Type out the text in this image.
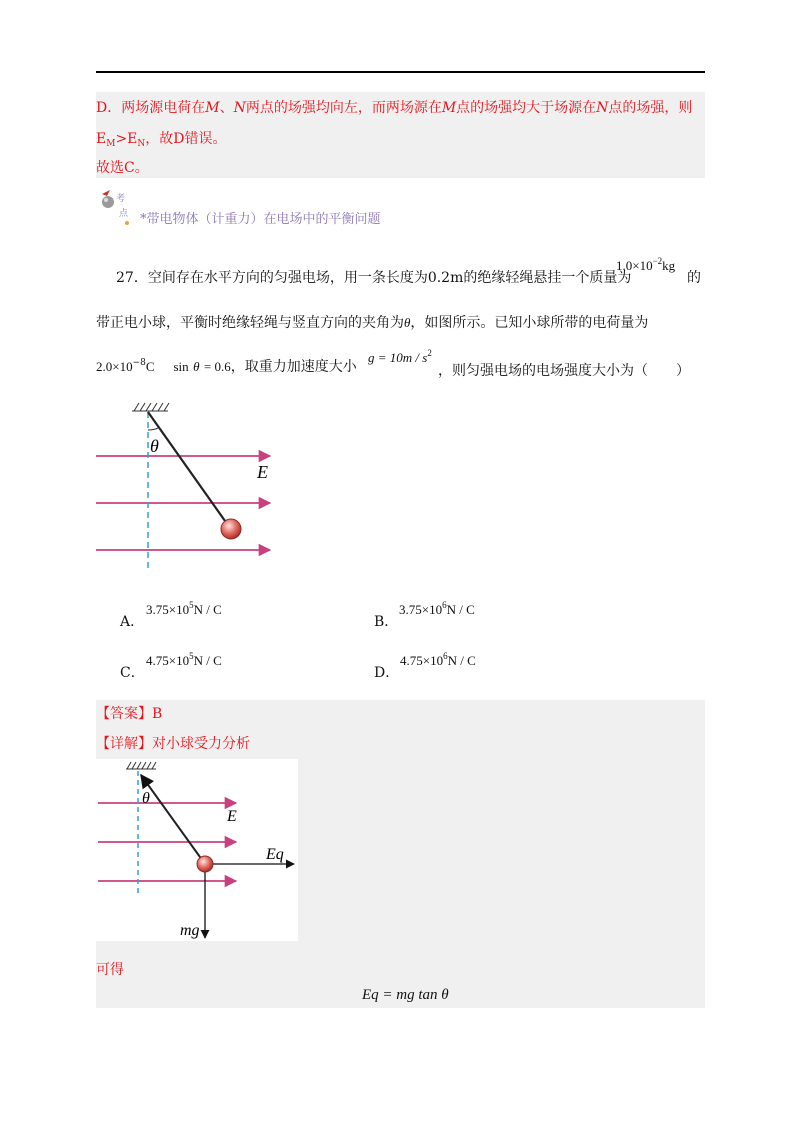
D．两场源电荷在M、N两点的场强均向左，而两场源在M点的场强均大于场源在N点的场强，则
$E_M>E_N$，故D错误。
故选C。
考
点 *带电物体（计重力）在电场中的平衡问题
27．空间存在水平方向的匀强电场，用一条长度为0.2m的绝缘轻绳悬挂一个质量为
$1.0\times 10^{-2}kg$
的
带正电小球，平衡时绝缘轻绳与竖直方向的夹角为θ，如图所示。已知小球所带的电荷量为
$2.0\times 10^{-8}C$ sin θ = 0.6，取重力加速度大小
$g = 10m / s^2$
，则匀强电场的电场强度大小为（　　）
θ
E
A．
$3.75\times 10^5N / C$
B．
$3.75\times 10^6N / C$
C．
$4.75\times 10^5N / C$
D．
$4.75\times 10^6N / C$
【答案】B
【详解】对小球受力分析
θ
E
Eq
mg
可得
Eq = mg tan θ
